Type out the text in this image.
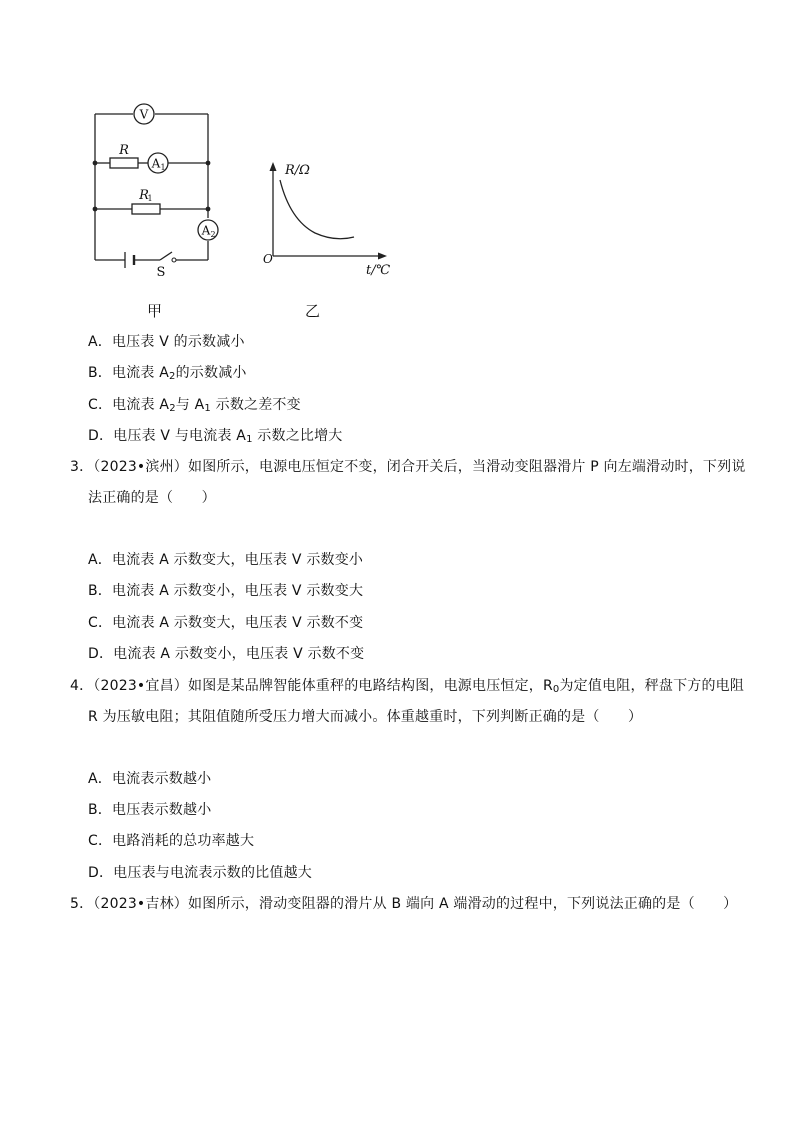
V
A 1
A 2
R
R
1
S
R/Ω
O
t/℃
甲	乙
A．电压表 V 的示数减小
B．电流表 $A_2$的示数减小
C．电流表 $A_2$与 $A_1$ 示数之差不变
D．电压表 V 与电流表 $A_1$ 示数之比增大
3．（2023•滨州）如图所示，电源电压恒定不变，闭合开关后，当滑动变阻器滑片 P 向左端滑动时，下列说
法正确的是（　　）
A．电流表 A 示数变大，电压表 V 示数变小
B．电流表 A 示数变小，电压表 V 示数变大
C．电流表 A 示数变大，电压表 V 示数不变
D．电流表 A 示数变小，电压表 V 示数不变
4．（2023•宜昌）如图是某品牌智能体重秤的电路结构图，电源电压恒定，$R_0$为定值电阻，秤盘下方的电阻
R 为压敏电阻；其阻值随所受压力增大而减小。体重越重时，下列判断正确的是（　　）
A．电流表示数越小
B．电压表示数越小
C．电路消耗的总功率越大
D．电压表与电流表示数的比值越大
5．（2023•吉林）如图所示，滑动变阻器的滑片从 B 端向 A 端滑动的过程中，下列说法正确的是（　　）
